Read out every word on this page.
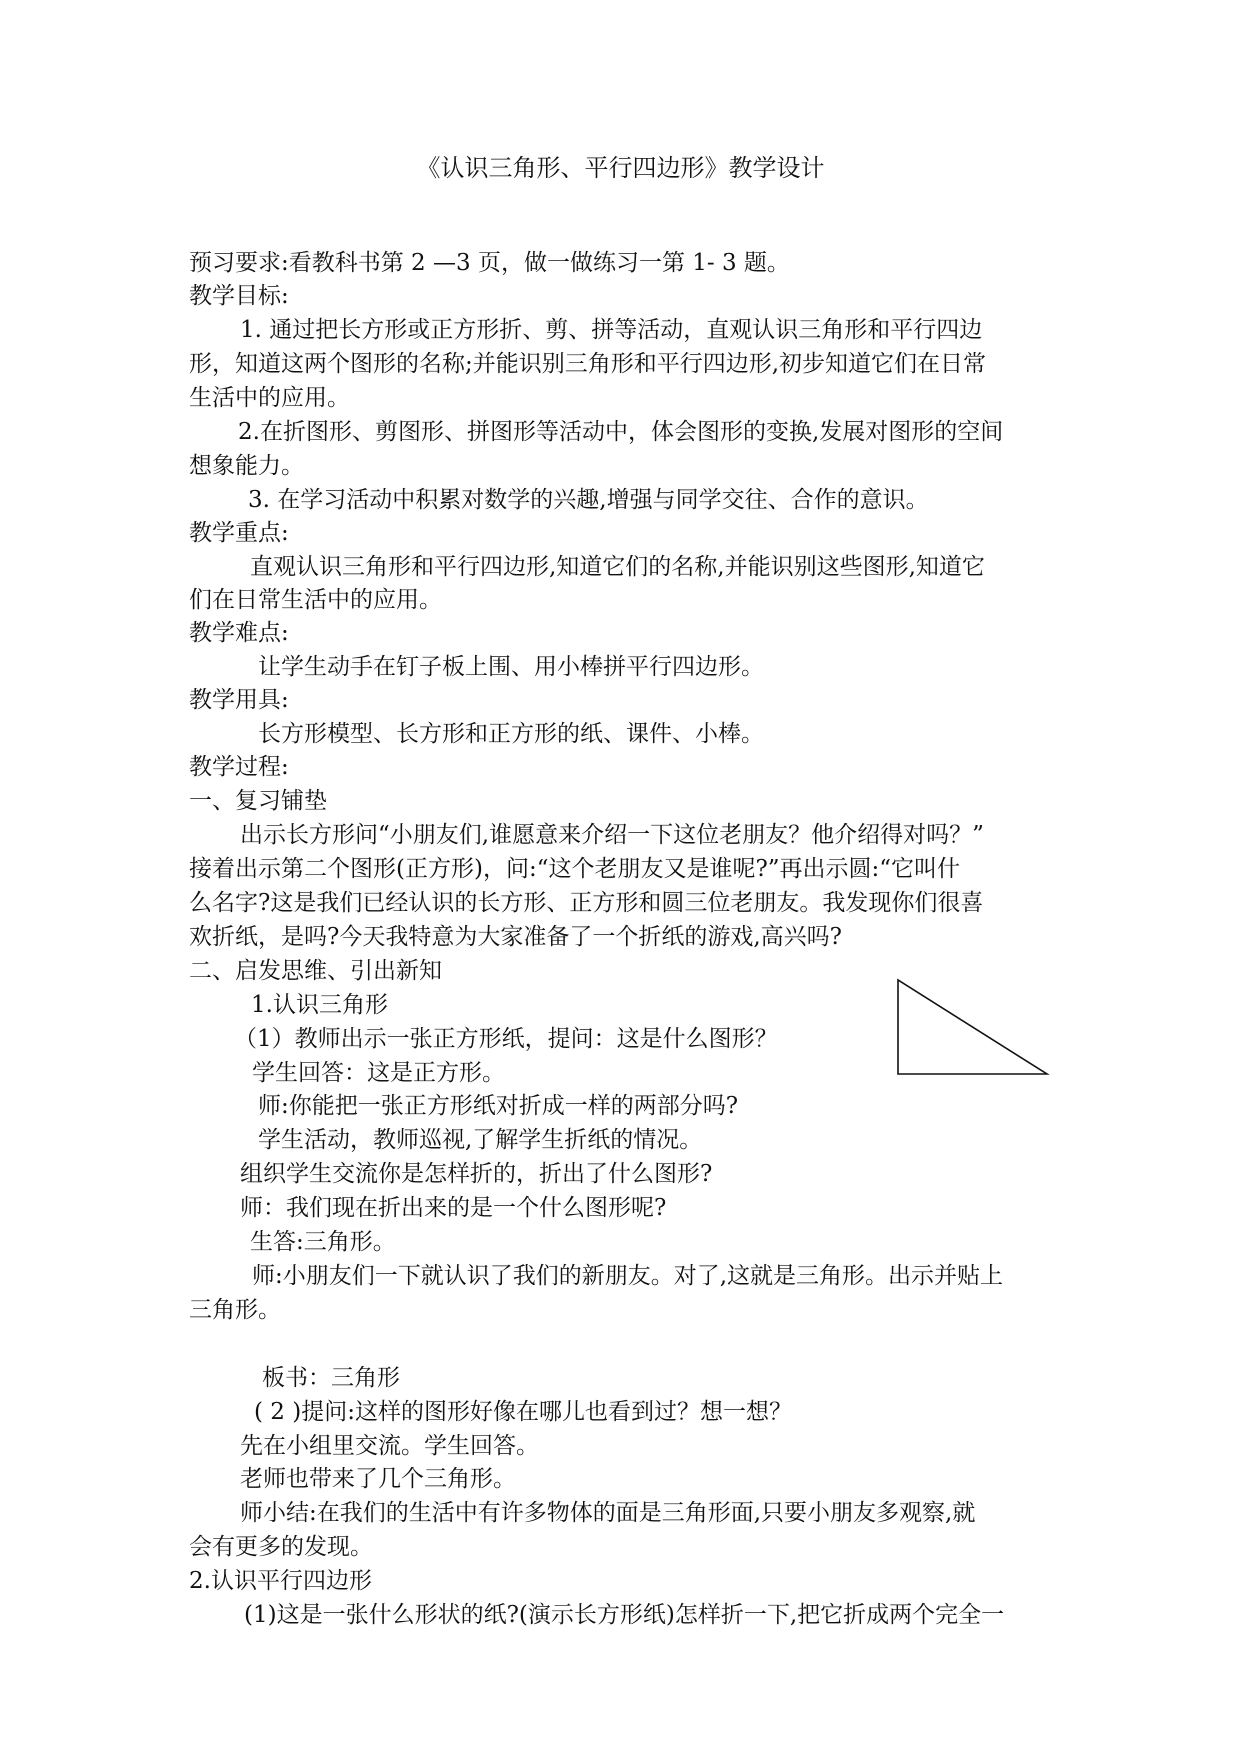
《认识三角形、平行四边形》教学设计
预习要求:看教科书第 2 —3 页，做一做练习一第 1- 3 题。
教学目标:
1. 通过把长方形或正方形折、剪、拼等活动，直观认识三角形和平行四边
形，知道这两个图形的名称;并能识别三角形和平行四边形,初步知道它们在日常
生活中的应用。
2.在折图形、剪图形、拼图形等活动中，体会图形的变换,发展对图形的空间
想象能力。
3. 在学习活动中积累对数学的兴趣,增强与同学交往、合作的意识。
教学重点:
直观认识三角形和平行四边形,知道它们的名称,并能识别这些图形,知道它
们在日常生活中的应用。
教学难点:
让学生动手在钉子板上围、用小棒拼平行四边形。
教学用具:
长方形模型、长方形和正方形的纸、课件、小棒。
教学过程:
一、复习铺垫
出示长方形问“小朋友们,谁愿意来介绍一下这位老朋友？他介绍得对吗？”
接着出示第二个图形(正方形)，问:“这个老朋友又是谁呢?”再出示圆:“它叫什
么名字?这是我们已经认识的长方形、正方形和圆三位老朋友。我发现你们很喜
欢折纸，是吗?今天我特意为大家准备了一个折纸的游戏,高兴吗?
二、启发思维、引出新知
1.认识三角形
（1）教师出示一张正方形纸，提问：这是什么图形？
学生回答：这是正方形。
师:你能把一张正方形纸对折成一样的两部分吗?
学生活动，教师巡视,了解学生折纸的情况。
组织学生交流你是怎样折的，折出了什么图形?
师：我们现在折出来的是一个什么图形呢?
生答:三角形。
师:小朋友们一下就认识了我们的新朋友。对了,这就是三角形。出示并贴上
三角形。
板书：三角形
( 2 )提问:这样的图形好像在哪儿也看到过？想一想？
先在小组里交流。学生回答。
老师也带来了几个三角形。
师小结:在我们的生活中有许多物体的面是三角形面,只要小朋友多观察,就
会有更多的发现。
2.认识平行四边形
(1)这是一张什么形状的纸?(演示长方形纸)怎样折一下,把它折成两个完全一
